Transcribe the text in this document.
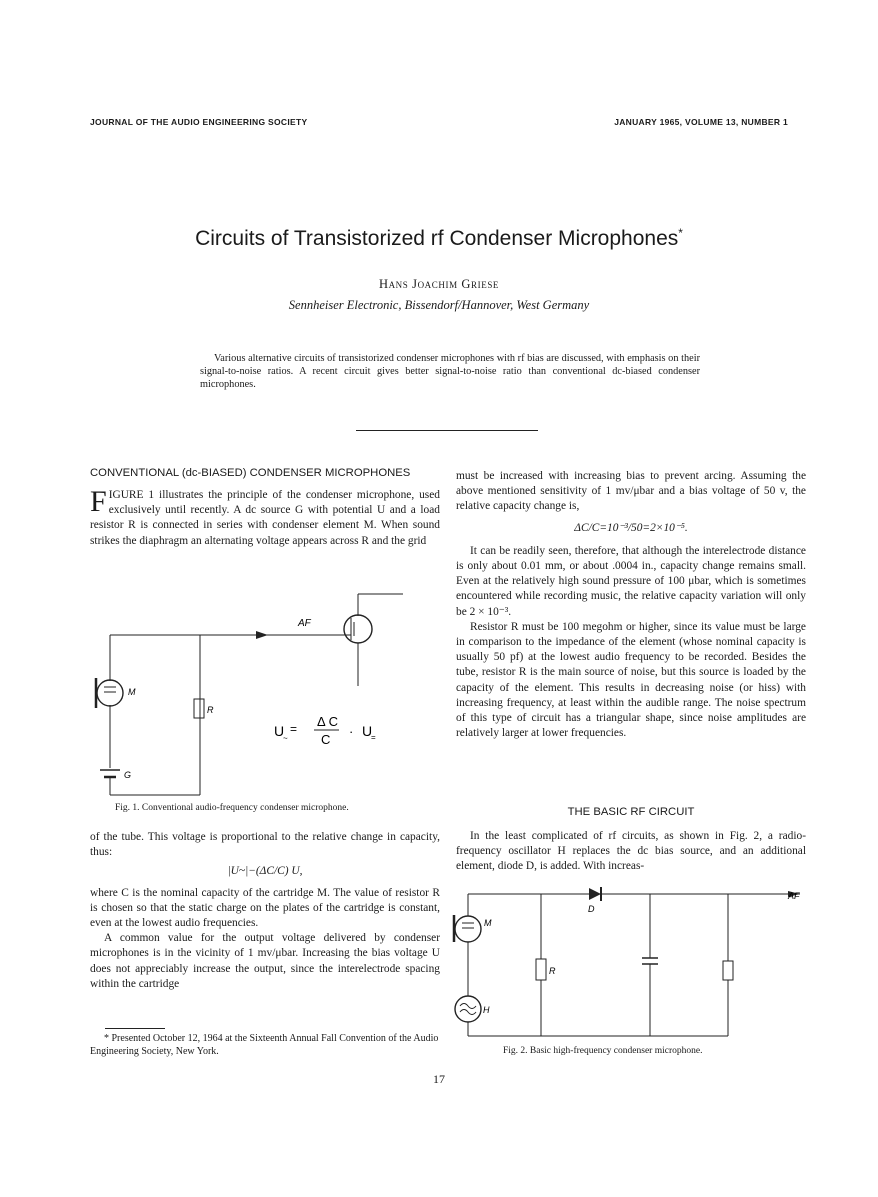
JOURNAL OF THE AUDIO ENGINEERING SOCIETY	JANUARY 1965, VOLUME 13, NUMBER 1
Circuits of Transistorized rf Condenser Microphones*
Hans Joachim Griese
Sennheiser Electronic, Bissendorf/Hannover, West Germany
Various alternative circuits of transistorized condenser microphones with rf bias are discussed, with emphasis on their signal-to-noise ratios. A recent circuit gives better signal-to-noise ratio than conventional dc-biased condenser microphones.
CONVENTIONAL (dc-BIASED) CONDENSER MICROPHONES
FIGURE 1 illustrates the principle of the condenser microphone, used exclusively until recently. A dc source G with potential U and a load resistor R is connected in series with condenser element M. When sound strikes the diaphragm an alternating voltage appears across R and the grid
AF
M
R
G
U
~
= Δ C
C
· U
=
Fig. 1. Conventional audio-frequency condenser microphone.

of the tube. This voltage is proportional to the relative change in capacity, thus:

|U~|−(ΔC/C) U,

where C is the nominal capacity of the cartridge M. The value of resistor R is chosen so that the static charge on the plates of the cartridge is constant, even at the lowest audio frequencies.

A common value for the output voltage delivered by condenser microphones is in the vicinity of 1 mv/μbar. Increasing the bias voltage U does not appreciably increase the output, since the interelectrode spacing within the cartridge

* Presented October 12, 1964 at the Sixteenth Annual Fall Convention of the Audio Engineering Society, New York.

must be increased with increasing bias to prevent arcing. Assuming the above mentioned sensitivity of 1 mv/μbar and a bias voltage of 50 v, the relative capacity change is,

ΔC/C=10⁻³/50=2×10⁻⁵.

It can be readily seen, therefore, that although the interelectrode distance is only about 0.01 mm, or about .0004 in., capacity change remains small. Even at the relatively high sound pressure of 100 μbar, which is sometimes encountered while recording music, the relative capacity variation will only be 2 × 10⁻³.

Resistor R must be 100 megohm or higher, since its value must be large in comparison to the impedance of the element (whose nominal capacity is usually 50 pf) at the lowest audio frequency to be recorded. Besides the tube, resistor R is the main source of noise, but this source is loaded by the capacity of the element. This results in decreasing noise (or hiss) with increasing frequency, at least within the audible range. The noise spectrum of this type of circuit has a triangular shape, since noise amplitudes are relatively larger at lower frequencies.

THE BASIC RF CIRCUIT
In the least complicated of rf circuits, as shown in Fig. 2, a radio-frequency oscillator H replaces the dc bias source, and an additional element, diode D, is added. With increas-
D
AF
M
R
H
Fig. 2. Basic high-frequency condenser microphone.
17
